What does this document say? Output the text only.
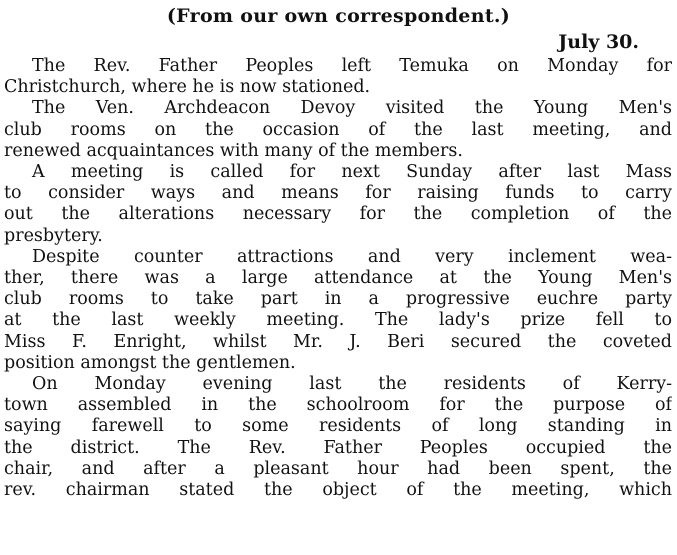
(From our own correspondent.)
July 30.
The Rev. Father Peoples left Temuka on Monday for
Christchurch, where he is now stationed.
The Ven. Archdeacon Devoy visited the Young Men's
club rooms on the occasion of the last meeting, and
renewed acquaintances with many of the members.
A meeting is called for next Sunday after last Mass
to consider ways and means for raising funds to carry
out the alterations necessary for the completion of the
presbytery.
Despite counter attractions and very inclement wea-
ther, there was a large attendance at the Young Men's
club rooms to take part in a progressive euchre party
at the last weekly meeting. The lady's prize fell to
Miss F. Enright, whilst Mr. J. Beri secured the coveted
position amongst the gentlemen.
On Monday evening last the residents of Kerry-
town assembled in the schoolroom for the purpose of
saying farewell to some residents of long standing in
the district. The Rev. Father Peoples occupied the
chair, and after a pleasant hour had been spent, the
rev. chairman stated the object of the meeting, which
